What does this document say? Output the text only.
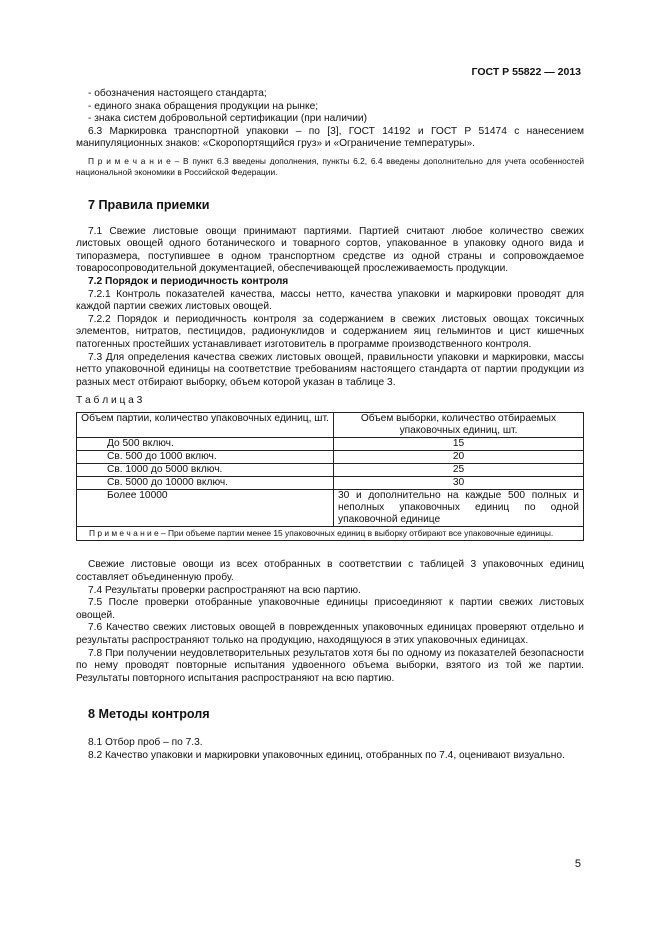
ГОСТ Р 55822 — 2013

- обозначения настоящего стандарта;

- единого знака обращения продукции на рынке;

- знака систем добровольной сертификации (при наличии)

6.3 Маркировка транспортной упаковки – по [3], ГОСТ 14192 и ГОСТ Р 51474 с нанесением манипуляционных знаков: «Скоропортящийся груз» и «Ограничение температуры».

П р и м е ч а н и е – В пункт 6.3 введены дополнения, пункты 6.2, 6.4 введены дополнительно для учета особенностей национальной экономики в Российской Федерации.

7 Правила приемки

7.1 Свежие листовые овощи принимают партиями. Партией считают любое количество свежих листовых овощей одного ботанического и товарного сортов, упакованное в упаковку одного вида и типоразмера, поступившее в одном транспортном средстве из одной страны и сопровождаемое товаросопроводительной документацией, обеспечивающей прослеживаемость продукции.

7.2 Порядок и периодичность контроля

7.2.1 Контроль показателей качества, массы нетто, качества упаковки и маркировки проводят для каждой партии свежих листовых овощей.

7.2.2 Порядок и периодичность контроля за содержанием в свежих листовых овощах токсичных элементов, нитратов, пестицидов, радионуклидов и содержанием яиц гельминтов и цист кишечных патогенных простейших устанавливает изготовитель в программе производственного контроля.

7.3 Для определения качества свежих листовых овощей, правильности упаковки и маркировки, массы нетто упаковочной единицы на соответствие требованиям настоящего стандарта от партии продукции из разных мест отбирают выборку, объем которой указан в таблице 3.

Т а б л и ц а 3

Объем партии, количество упаковочных единиц, шт.	Объем выборки, количество отбираемых упаковочных единиц, шт.
До 500 включ.	15
Св. 500 до 1000 включ.	20
Св. 1000 до 5000 включ.	25
Св. 5000 до 10000 включ.	30
Более 10000	30 и дополнительно на каждые 500 полных и неполных упаковочных единиц по одной упаковочной единице
П р и м е ч а н и е – При объеме партии менее 15 упаковочных единиц в выборку отбирают все упаковочные единицы.	

Свежие листовые овощи из всех отобранных в соответствии с таблицей 3 упаковочных единиц составляет объединенную пробу.

7.4 Результаты проверки распространяют на всю партию.

7.5 После проверки отобранные упаковочные единицы присоединяют к партии свежих листовых овощей.

7.6 Качество свежих листовых овощей в поврежденных упаковочных единицах проверяют отдельно и результаты распространяют только на продукцию, находящуюся в этих упаковочных единицах.

7.8 При получении неудовлетворительных результатов хотя бы по одному из показателей безопасности по нему проводят повторные испытания удвоенного объема выборки, взятого из той же партии. Результаты повторного испытания распространяют на всю партию.

8 Методы контроля

8.1 Отбор проб – по 7.3.

8.2 Качество упаковки и маркировки упаковочных единиц, отобранных по 7.4, оценивают визуально.

5
